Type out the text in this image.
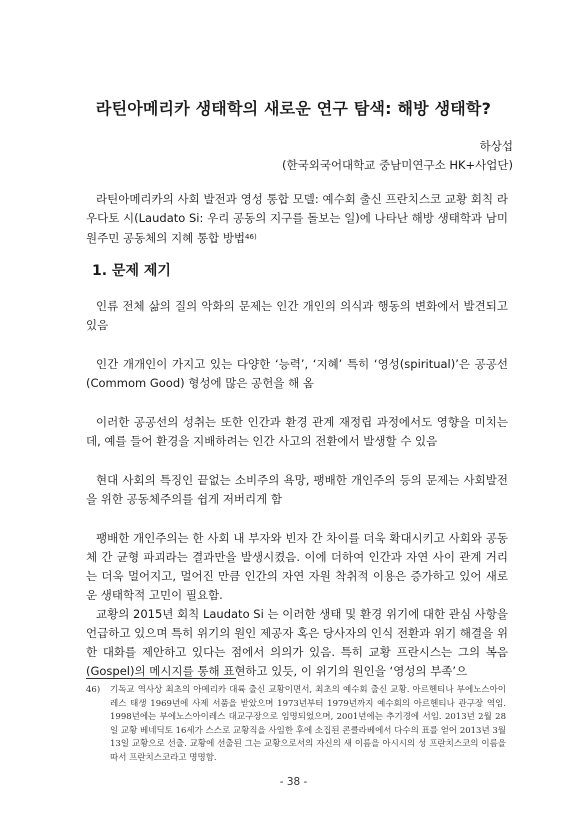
라틴아메리카 생태학의 새로운 연구 탐색: 해방 생태학?
하상섭
(한국외국어대학교 중남미연구소 HK+사업단)

라틴아메리카의 사회 발전과 영성 통합 모델: 예수회 출신 프란치스코 교황 회칙 라우다토 시(Laudato Si: 우리 공동의 지구를 돌보는 일)에 나타난 해방 생태학과 남미 원주민 공동체의 지혜 통합 방법$^{46)}$

1. 문제 제기

인류 전체 삶의 질의 악화의 문제는 인간 개인의 의식과 행동의 변화에서 발견되고 있음

인간 개개인이 가지고 있는 다양한 ‘능력’, ‘지혜’ 특히 ‘영성(spiritual)’은 공공선(Commom Good) 형성에 많은 공헌을 해 옴

이러한 공공선의 성취는 또한 인간과 환경 관계 재정립 과정에서도 영향을 미치는데, 예를 들어 환경을 지배하려는 인간 사고의 전환에서 발생할 수 있음

현대 사회의 특징인 끝없는 소비주의 욕망, 팽배한 개인주의 등의 문제는 사회발전을 위한 공동체주의를 쉽게 저버리게 함

팽배한 개인주의는 한 사회 내 부자와 빈자 간 차이를 더욱 확대시키고 사회와 공동체 간 균형 파괴라는 결과만을 발생시켰음. 이에 더하여 인간과 자연 사이 관계 거리는 더욱 멀어지고, 멀어진 만큼 인간의 자연 자원 착취적 이용은 증가하고 있어 새로운 생태학적 고민이 필요함.

교황의 2015년 회칙 Laudato Si 는 이러한 생태 및 환경 위기에 대한 관심 사항을 언급하고 있으며 특히 위기의 원인 제공자 혹은 당사자의 인식 전환과 위기 해결을 위한 대화를 제안하고 있다는 점에서 의의가 있음. 특히 교황 프란시스는 그의 복음(Gospel)의 메시지를 통해 표현하고 있듯, 이 위기의 원인을 ‘영성의 부족’으

46)	기독교 역사상 최초의 아메리카 대륙 출신 교황이면서, 최초의 예수회 출신 교황. 아르헨티나 부에노스아이레스 태생 1969년에 사제 서품을 받았으며 1973년부터 1979년까지 예수회의 아르헨티나 관구장 역임. 1998년에는 부에노스아이레스 대교구장으로 임명되었으며, 2001년에는 추기경에 서임. 2013년 2월 28일 교황 베네딕토 16세가 스스로 교황직을 사임한 후에 소집된 콘클라베에서 다수의 표를 얻어 2013년 3월 13일 교황으로 선출. 교황에 선출된 그는 교황으로서의 자신의 새 이름을 아시시의 성 프란치스코의 이름을 따서 프란치스코라고 명명함.
- 38 -
